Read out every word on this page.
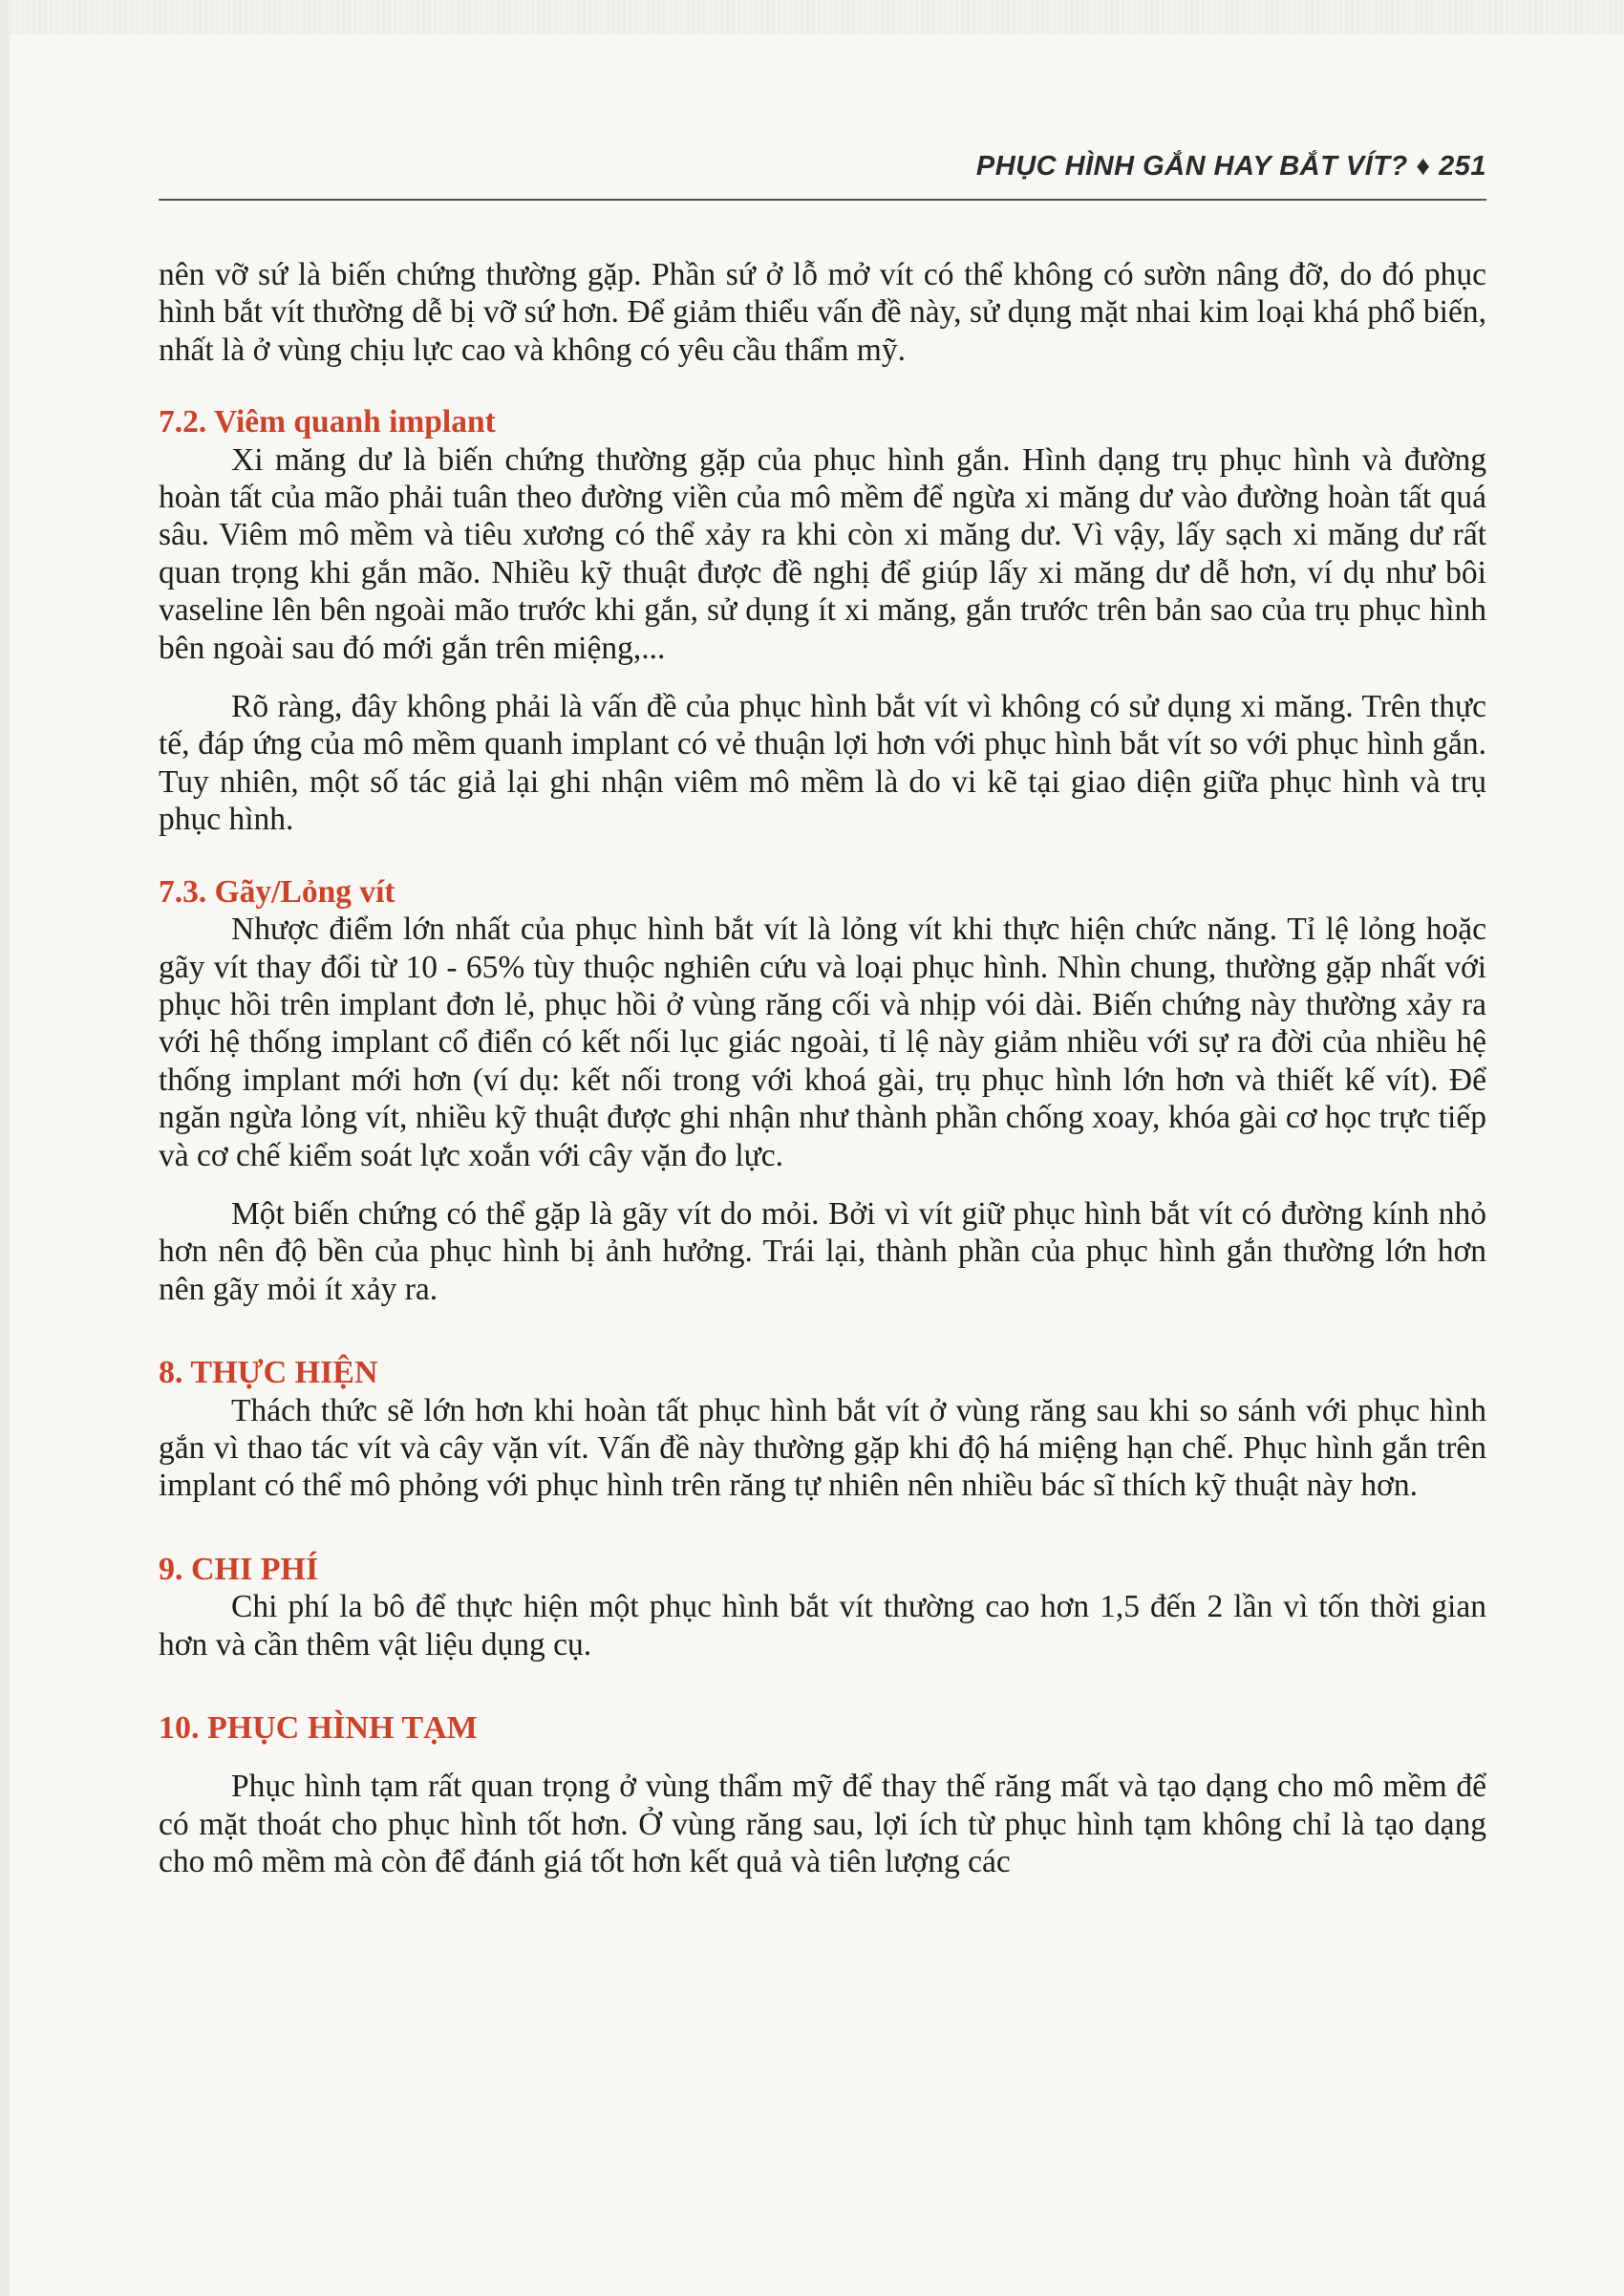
PHỤC HÌNH GẮN HAY BẮT VÍT? ♦ 251

nên vỡ sứ là biến chứng thường gặp. Phần sứ ở lỗ mở vít có thể không có sườn nâng đỡ, do đó phục hình bắt vít thường dễ bị vỡ sứ hơn. Để giảm thiểu vấn đề này, sử dụng mặt nhai kim loại khá phổ biến, nhất là ở vùng chịu lực cao và không có yêu cầu thẩm mỹ.

7.2. Viêm quanh implant

Xi măng dư là biến chứng thường gặp của phục hình gắn. Hình dạng trụ phục hình và đường hoàn tất của mão phải tuân theo đường viền của mô mềm để ngừa xi măng dư vào đường hoàn tất quá sâu. Viêm mô mềm và tiêu xương có thể xảy ra khi còn xi măng dư. Vì vậy, lấy sạch xi măng dư rất quan trọng khi gắn mão. Nhiều kỹ thuật được đề nghị để giúp lấy xi măng dư dễ hơn, ví dụ như bôi vaseline lên bên ngoài mão trước khi gắn, sử dụng ít xi măng, gắn trước trên bản sao của trụ phục hình bên ngoài sau đó mới gắn trên miệng,...

Rõ ràng, đây không phải là vấn đề của phục hình bắt vít vì không có sử dụng xi măng. Trên thực tế, đáp ứng của mô mềm quanh implant có vẻ thuận lợi hơn với phục hình bắt vít so với phục hình gắn. Tuy nhiên, một số tác giả lại ghi nhận viêm mô mềm là do vi kẽ tại giao diện giữa phục hình và trụ phục hình.

7.3. Gãy/Lỏng vít

Nhược điểm lớn nhất của phục hình bắt vít là lỏng vít khi thực hiện chức năng. Tỉ lệ lỏng hoặc gãy vít thay đổi từ 10 - 65% tùy thuộc nghiên cứu và loại phục hình. Nhìn chung, thường gặp nhất với phục hồi trên implant đơn lẻ, phục hồi ở vùng răng cối và nhịp vói dài. Biến chứng này thường xảy ra với hệ thống implant cổ điển có kết nối lục giác ngoài, tỉ lệ này giảm nhiều với sự ra đời của nhiều hệ thống implant mới hơn (ví dụ: kết nối trong với khoá gài, trụ phục hình lớn hơn và thiết kế vít). Để ngăn ngừa lỏng vít, nhiều kỹ thuật được ghi nhận như thành phần chống xoay, khóa gài cơ học trực tiếp và cơ chế kiểm soát lực xoắn với cây vặn đo lực.

Một biến chứng có thể gặp là gãy vít do mỏi. Bởi vì vít giữ phục hình bắt vít có đường kính nhỏ hơn nên độ bền của phục hình bị ảnh hưởng. Trái lại, thành phần của phục hình gắn thường lớn hơn nên gãy mỏi ít xảy ra.

8. THỰC HIỆN

Thách thức sẽ lớn hơn khi hoàn tất phục hình bắt vít ở vùng răng sau khi so sánh với phục hình gắn vì thao tác vít và cây vặn vít. Vấn đề này thường gặp khi độ há miệng hạn chế. Phục hình gắn trên implant có thể mô phỏng với phục hình trên răng tự nhiên nên nhiều bác sĩ thích kỹ thuật này hơn.

9. CHI PHÍ

Chi phí la bô để thực hiện một phục hình bắt vít thường cao hơn 1,5 đến 2 lần vì tốn thời gian hơn và cần thêm vật liệu dụng cụ.

10. PHỤC HÌNH TẠM

Phục hình tạm rất quan trọng ở vùng thẩm mỹ để thay thế răng mất và tạo dạng cho mô mềm để có mặt thoát cho phục hình tốt hơn. Ở vùng răng sau, lợi ích từ phục hình tạm không chỉ là tạo dạng cho mô mềm mà còn để đánh giá tốt hơn kết quả và tiên lượng các
